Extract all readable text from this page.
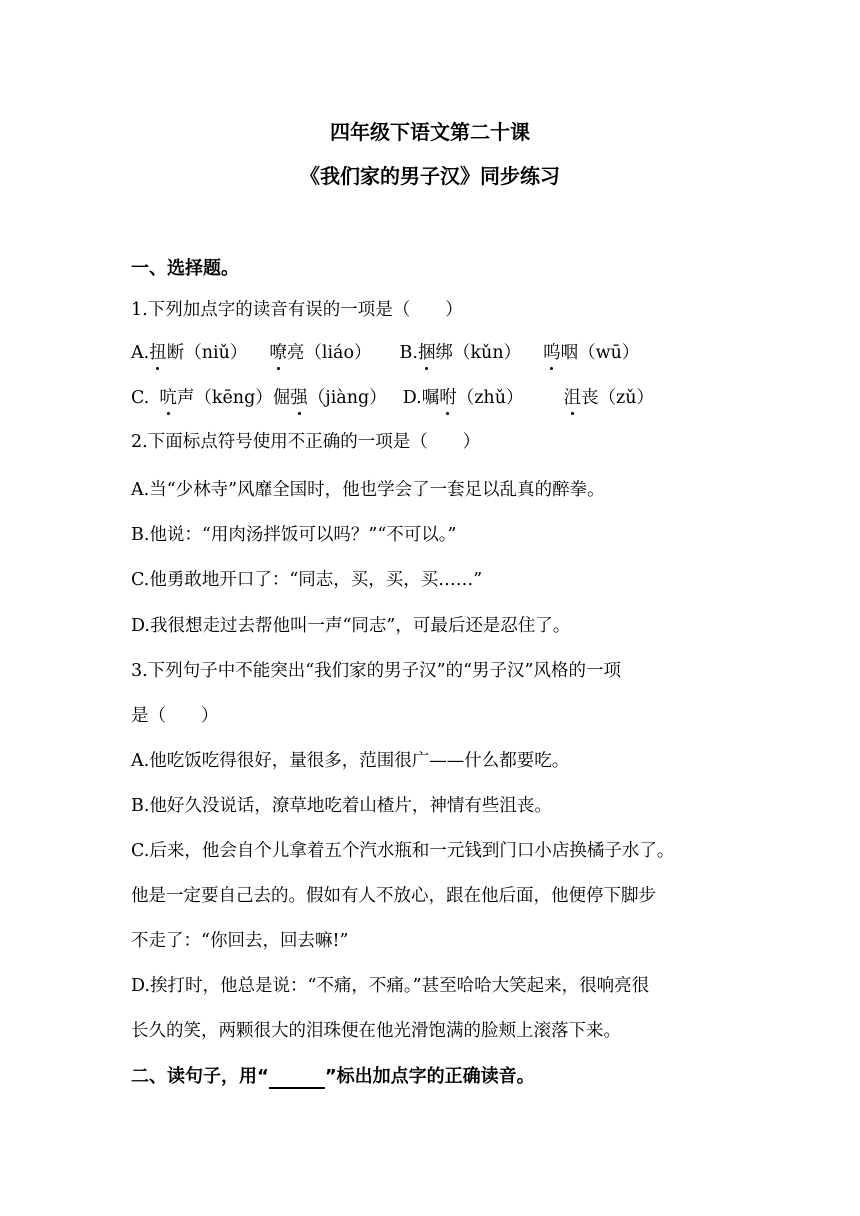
四年级下语文第二十课
《我们家的男子汉》同步练习
一、选择题。
1.下列加点字的读音有误的一项是（　　）
A.扭断（niǔ） 嘹亮（liáo） B.捆绑（kǔn） 呜咽（wū）
C. 吭声（kēng）倔强（jiàng） D.嘱咐（zhǔ） 沮丧（zǔ）
2.下面标点符号使用不正确的一项是（　　）
A.当“少林寺”风靡全国时，他也学会了一套足以乱真的醉拳。
B.他说：“用肉汤拌饭可以吗？”“不可以。”
C.他勇敢地开口了：“同志，买，买，买……”
D.我很想走过去帮他叫一声“同志”，可最后还是忍住了。
3.下列句子中不能突出“我们家的男子汉”的“男子汉”风格的一项
是（　　）
A.他吃饭吃得很好，量很多，范围很广——什么都要吃。
B.他好久没说话，潦草地吃着山楂片，神情有些沮丧。
C.后来，他会自个儿拿着五个汽水瓶和一元钱到门口小店换橘子水了。
他是一定要自己去的。假如有人不放心，跟在他后面，他便停下脚步
不走了：“你回去，回去嘛!”
D.挨打时，他总是说：“不痛，不痛。”甚至哈哈大笑起来，很响亮很
长久的笑，两颗很大的泪珠便在他光滑饱满的脸颊上滚落下来。
二、读句子，用“	”标出加点字的正确读音。
